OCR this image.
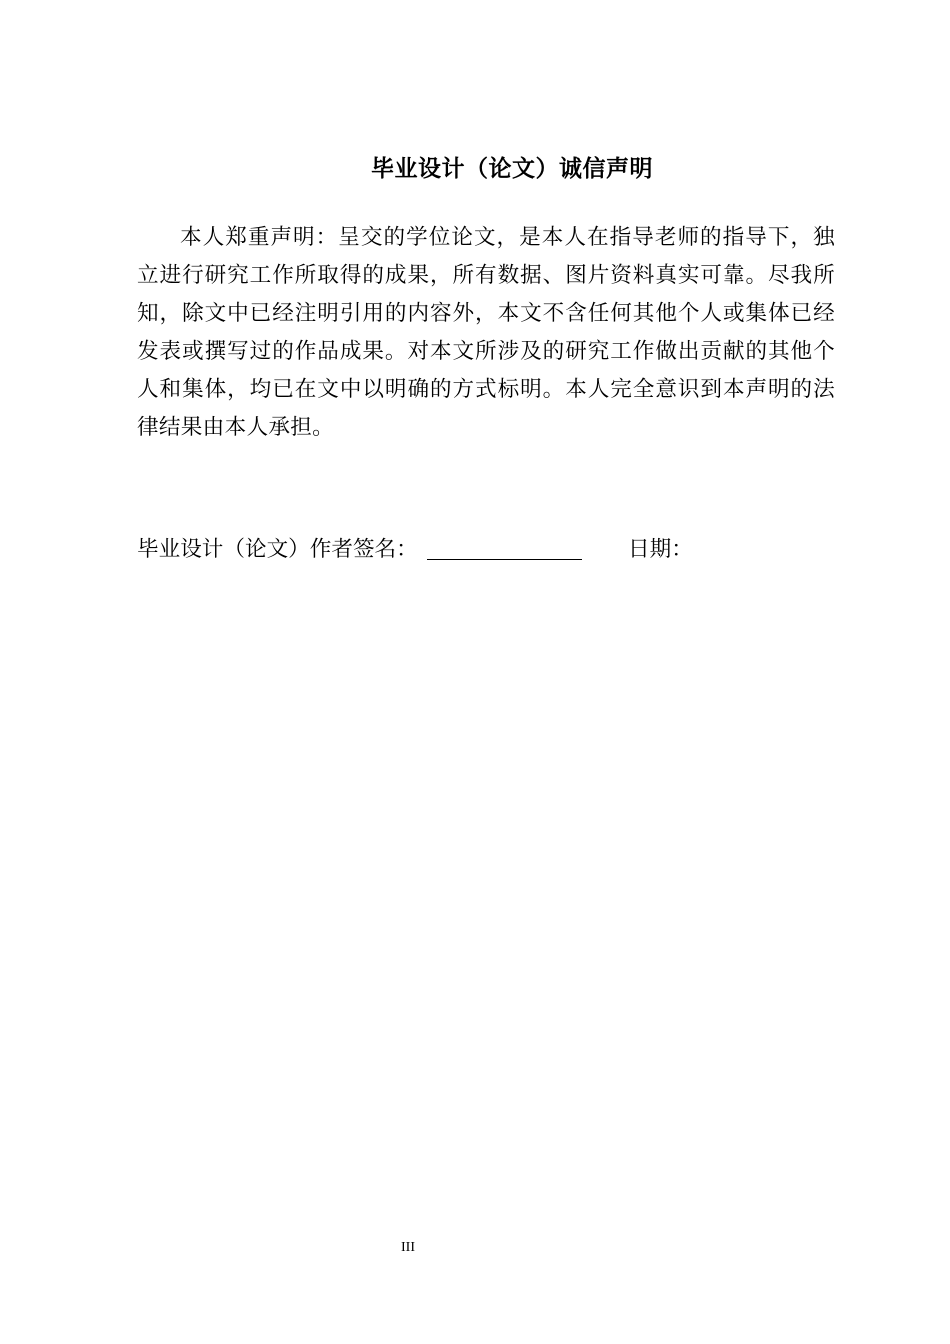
毕业设计（论文）诚信声明

本人郑重声明：呈交的学位论文，是本人在指导老师的指导下，独立进行研究工作所取得的成果，所有数据、图片资料真实可靠。尽我所知，除文中已经注明引用的内容外，本文不含任何其他个人或集体已经发表或撰写过的作品成果。对本文所涉及的研究工作做出贡献的其他个人和集体，均已在文中以明确的方式标明。本人完全意识到本声明的法律结果由本人承担。

毕业设计（论文）作者签名：	日期：
III
